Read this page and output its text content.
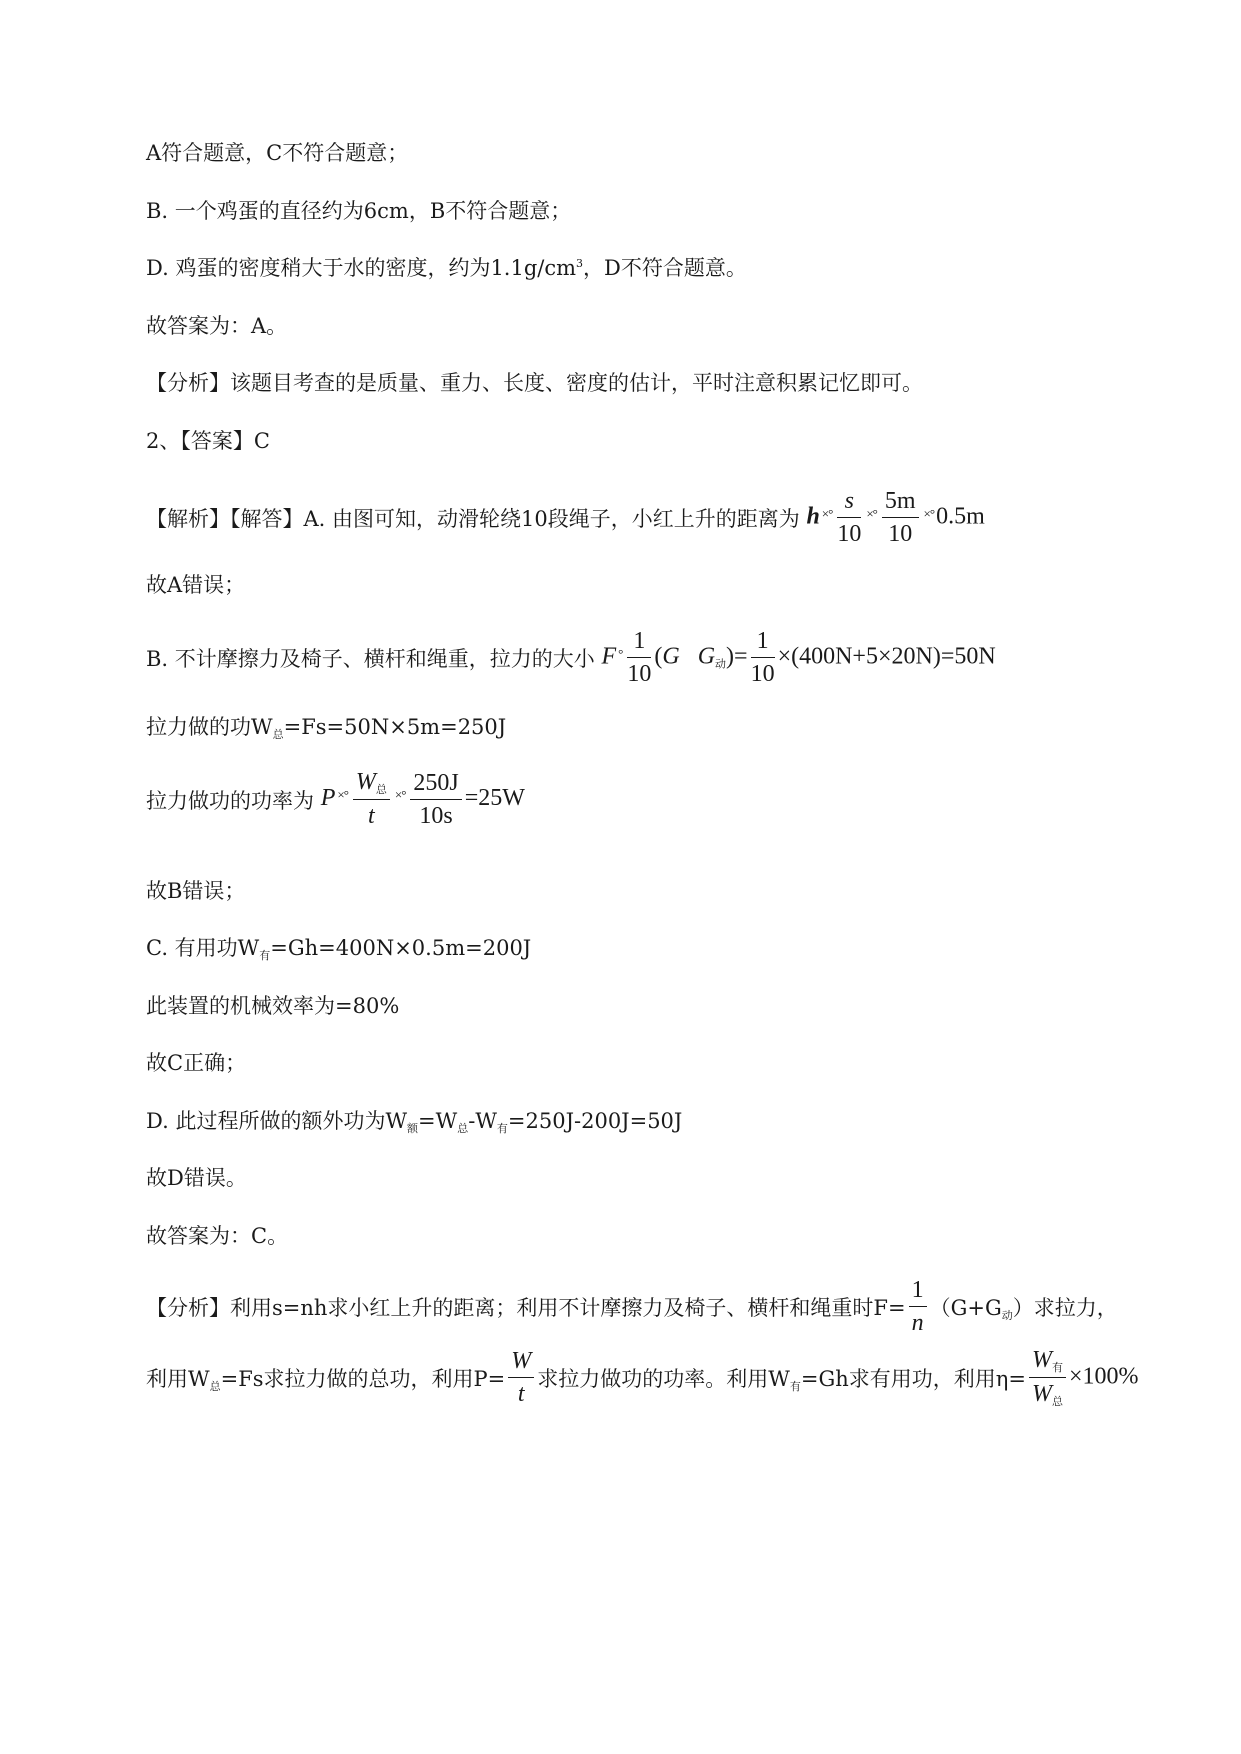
A符合题意，C不符合题意；
B. 一个鸡蛋的直径约为6cm，B不符合题意；
D. 鸡蛋的密度稍大于水的密度，约为$1.1g/cm^3$，D不符合题意。
故答案为：A。
【分析】该题目考查的是质量、重力、长度、密度的估计，平时注意积累记忆即可。
2、【答案】C
【解析】【解答】A. 由图可知，动滑轮绕10段绳子，小红上升的距离为 h $^{\times^\circ} \frac{s}{10} ^{\times^\circ} \frac{5m}{10} ^{\times^\circ}0.5m$
故A错误；
B. 不计摩擦力及椅子、横杆和绳重，拉力的大小 F $^\circ \frac{1}{10} (G$ $G_动)= \frac{1}{10} \times(400N+5\times 20N)=50N$
拉力做的功$W_总=Fs=50N\times 5m=250J$
拉力做功的功率为 P $^{\times^\circ} \frac{W_总}{t} ^{\times^\circ} \frac{250J}{10s} =25W$
故B错误；
C. 有用功$W_有=Gh=400N\times 0.5m=200J$
此装置的机械效率为=80%
故C正确；
D. 此过程所做的额外功为$W_额=W_总-W_有=250J-200J=50J$
故D错误。
故答案为：C。
【分析】利用s=nh求小红上升的距离；利用不计摩擦力及椅子、横杆和绳重时$F= \frac{1}{n} (G+G_动)$求拉力，
利用$W_总=Fs$求拉力做的总功，利用$P= \frac{W}{t}$ 求拉力做功的功率。利用$W_有=Gh$求有用功，利用$\eta= \frac{W_有}{W_总} \times 100\%$
